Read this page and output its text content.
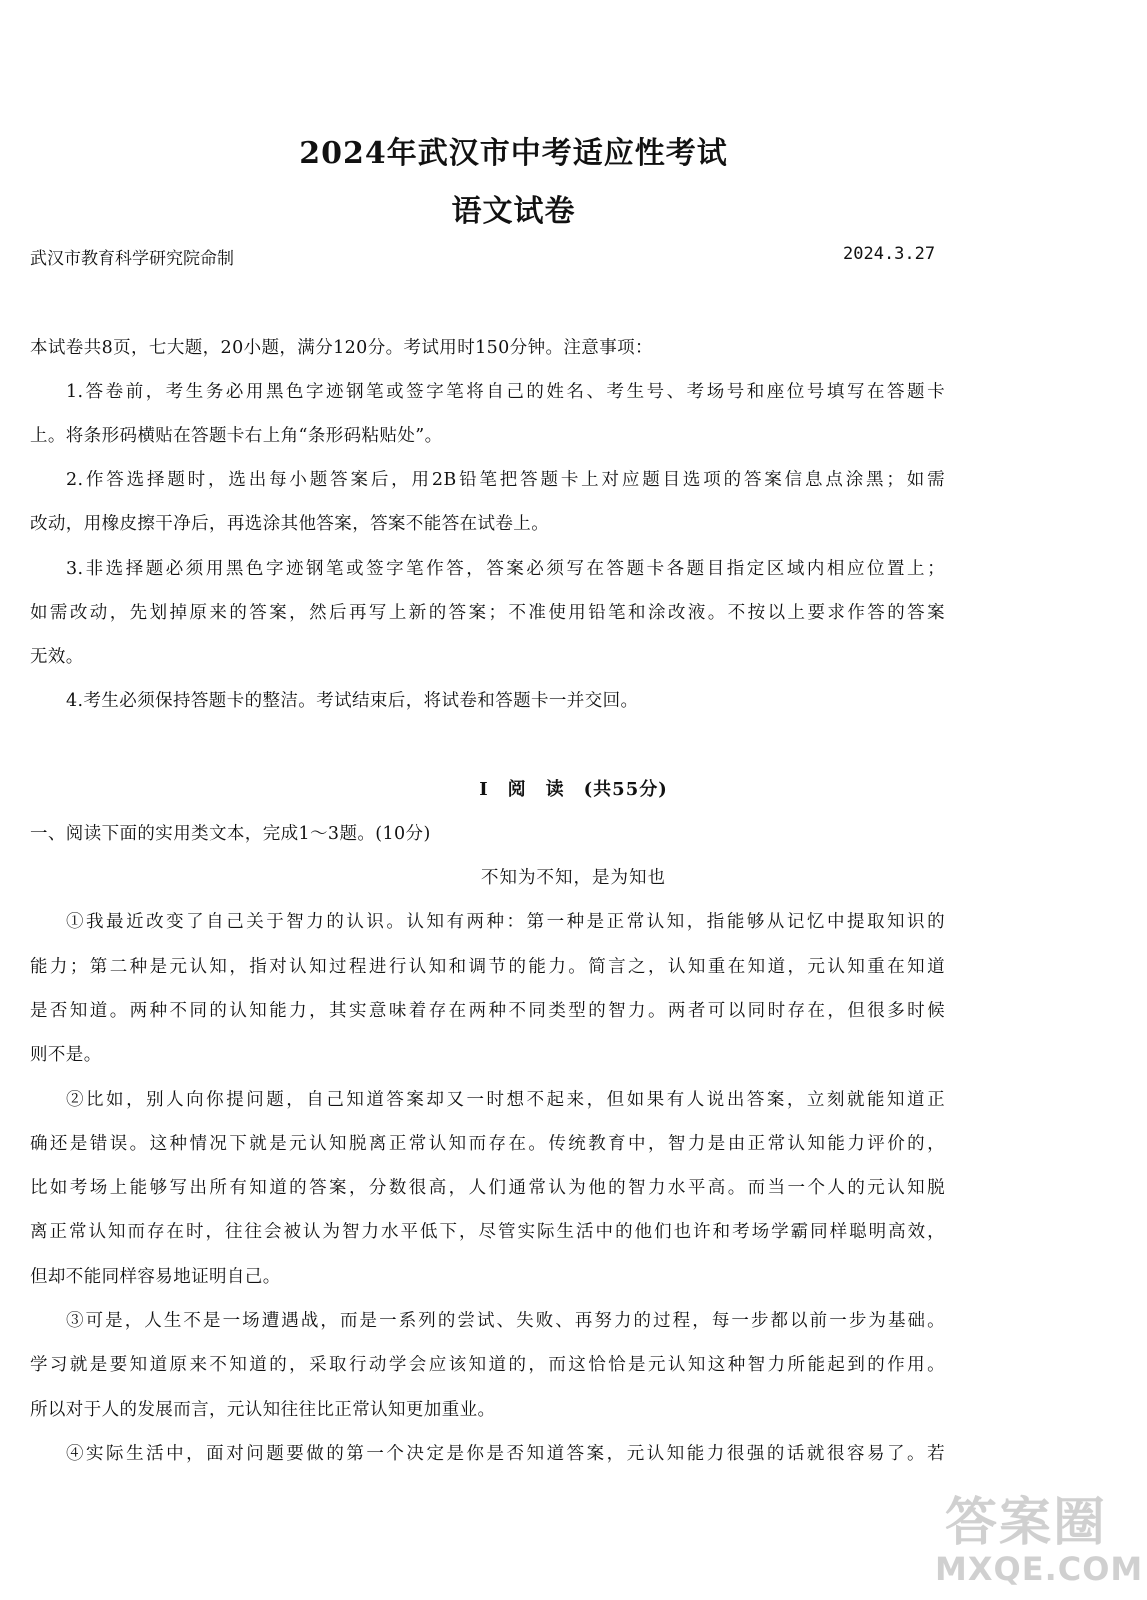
2024年武汉市中考适应性考试
语文试卷
武汉市教育科学研究院命制	2024.3.27
本试卷共8页，七大题，20小题，满分120分。考试用时150分钟。注意事项：
1.答卷前，考生务必用黑色字迹钢笔或签字笔将自己的姓名、考生号、考场号和座位号填写在答题卡
上。将条形码横贴在答题卡右上角“条形码粘贴处”。
2.作答选择题时，选出每小题答案后，用2B铅笔把答题卡上对应题目选项的答案信息点涂黑；如需
改动，用橡皮擦干净后，再选涂其他答案，答案不能答在试卷上。
3.非选择题必须用黑色字迹钢笔或签字笔作答，答案必须写在答题卡各题目指定区域内相应位置上；
如需改动，先划掉原来的答案，然后再写上新的答案；不准使用铅笔和涂改液。不按以上要求作答的答案
无效。
4.考生必须保持答题卡的整洁。考试结束后，将试卷和答题卡一并交回。
I　阅　读　(共55分)
一、阅读下面的实用类文本，完成1～3题。(10分)
不知为不知，是为知也
①我最近改变了自己关于智力的认识。认知有两种：第一种是正常认知，指能够从记忆中提取知识的
能力；第二种是元认知，指对认知过程进行认知和调节的能力。简言之，认知重在知道，元认知重在知道
是否知道。两种不同的认知能力，其实意味着存在两种不同类型的智力。两者可以同时存在，但很多时候
则不是。
②比如，别人向你提问题，自己知道答案却又一时想不起来，但如果有人说出答案，立刻就能知道正
确还是错误。这种情况下就是元认知脱离正常认知而存在。传统教育中，智力是由正常认知能力评价的，
比如考场上能够写出所有知道的答案，分数很高，人们通常认为他的智力水平高。而当一个人的元认知脱
离正常认知而存在时，往往会被认为智力水平低下，尽管实际生活中的他们也许和考场学霸同样聪明高效，
但却不能同样容易地证明自己。
③可是，人生不是一场遭遇战，而是一系列的尝试、失败、再努力的过程，每一步都以前一步为基础。
学习就是要知道原来不知道的，采取行动学会应该知道的，而这恰恰是元认知这种智力所能起到的作用。
所以对于人的发展而言，元认知往往比正常认知更加重业。
④实际生活中，面对问题要做的第一个决定是你是否知道答案，元认知能力很强的话就很容易了。若
答案圈
MXQE.COM
